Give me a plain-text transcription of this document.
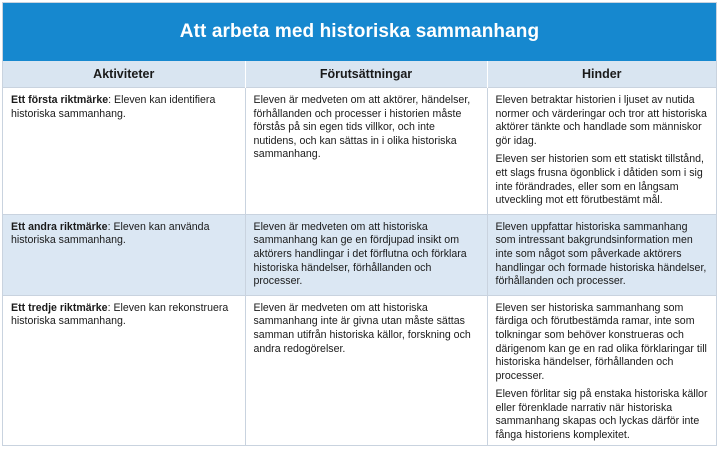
Att arbeta med historiska sammanhang
Aktiviteter	Förutsättningar	Hinder
Ett första riktmärke: Eleven kan identifiera historiska sammanhang.	Eleven är medveten om att aktörer, händelser, förhållanden och processer i historien måste förstås på sin egen tids villkor, och inte nutidens, och kan sättas in i olika historiska sammanhang.	Eleven betraktar historien i ljuset av nutida normer och värderingar och tror att historiska aktörer tänkte och handlade som människor gör idag.

Eleven ser historien som ett statiskt tillstånd, ett slags frusna ögonblick i dåtiden som i sig inte förändrades, eller som en långsam utveckling mot ett förutbestämt mål.

Ett andra riktmärke: Eleven kan använda historiska sammanhang.	Eleven är medveten om att historiska sammanhang kan ge en fördjupad insikt om aktörers handlingar i det förflutna och förklara historiska händelser, förhållanden och processer.	Eleven uppfattar historiska sammanhang som intressant bakgrundsinformation men inte som något som påverkade aktörers handlingar och formade historiska händelser, förhållanden och processer.

Ett tredje riktmärke: Eleven kan rekonstruera historiska sammanhang.	Eleven är medveten om att historiska sammanhang inte är givna utan måste sättas samman utifrån historiska källor, forskning och andra redogörelser.	Eleven ser historiska sammanhang som färdiga och förutbestämda ramar, inte som tolkningar som behöver konstrueras och därigenom kan ge en rad olika förklaringar till historiska händelser, förhållanden och processer.

Eleven förlitar sig på enstaka historiska källor eller förenklade narrativ när historiska sammanhang skapas och lyckas därför inte fånga historiens komplexitet.
